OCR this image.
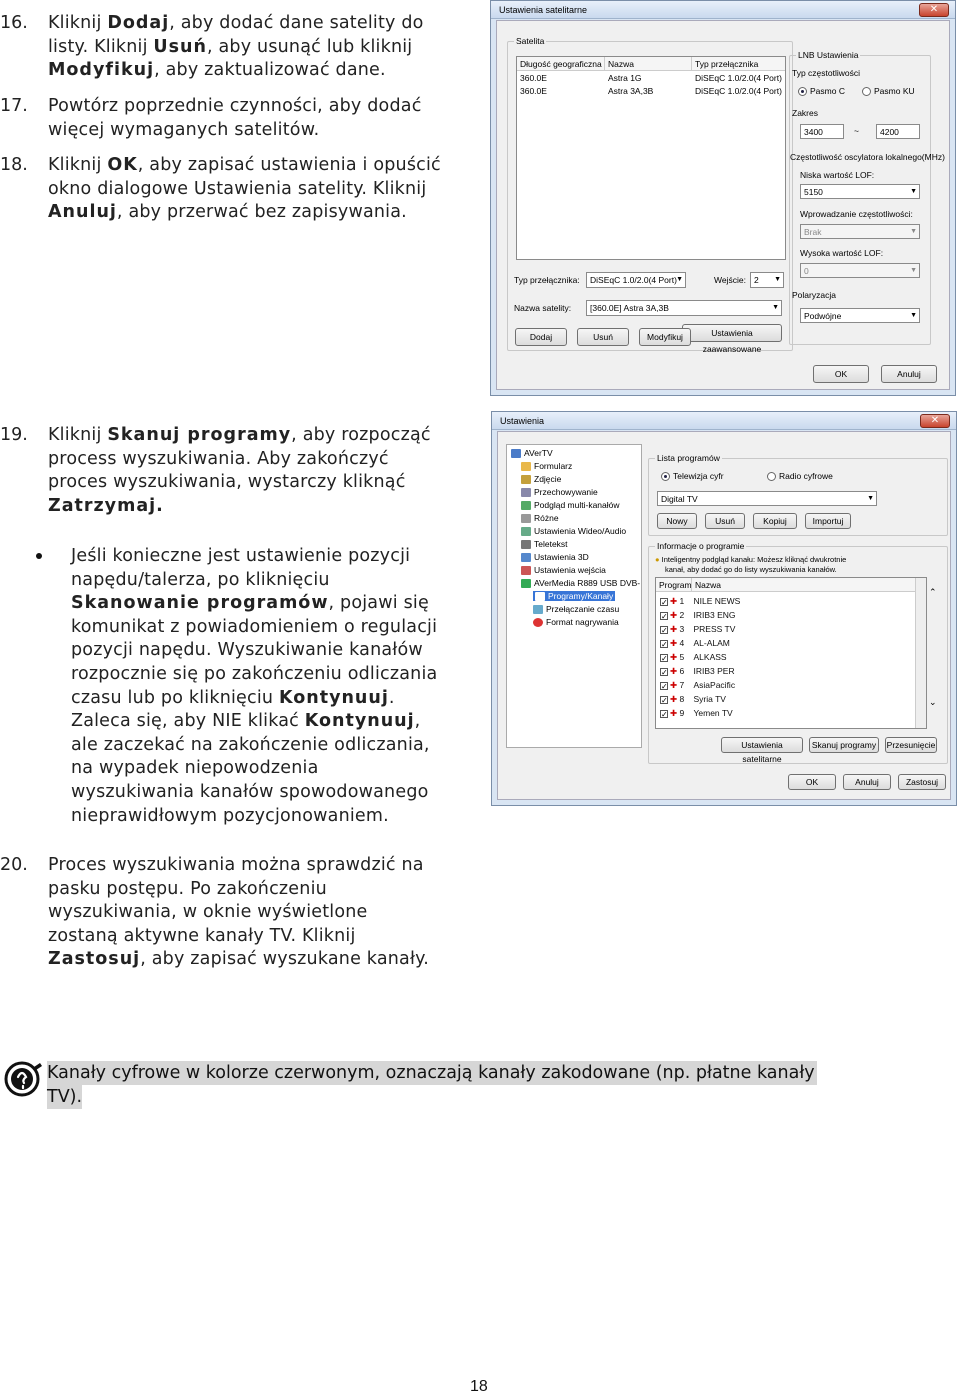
16. Kliknij Dodaj, aby dodać dane satelity do
listy. Kliknij Usuń, aby usunąć lub kliknij
Modyfikuj, aby zaktualizować dane.
17. Powtórz poprzednie czynności, aby dodać
więcej wymaganych satelitów.
18. Kliknij OK, aby zapisać ustawienia i opuścić
okno dialogowe Ustawienia satelity. Kliknij
Anuluj, aby przerwać bez zapisywania.
Ustawienia satelitarne	✕
Satelita
Długość geograficzna Nazwa	Typ przełącznika
360.0E	Astra 1G	DiSEqC 1.0/2.0(4 Port)
360.0E	Astra 3A,3B	DiSEqC 1.0/2.0(4 Port)
Typ przełącznika:	DiSEqC 1.0/2.0(4 Port) ▼	Wejście: 2 ▼
Nazwa satelity:	[360.0E] Astra 3A,3B	▼
Ustawienia zaawansowane
Dodaj	Usuń	Modyfikuj
LNB Ustawienia
Typ częstotliwości
Pasmo C	Pasmo KU
Zakres
3400	~	4200
Częstotliwość oscylatora lokalnego(MHz)
Niska wartość LOF:
5150	▼
Wprowadzanie częstotliwości:
Brak	▼
Wysoka wartość LOF:
0	▼
Polaryzacja
Podwójne	▼
OK	Anuluj
19. Kliknij Skanuj programy, aby rozpocząć
process wyszukiwania. Aby zakończyć
proces wyszukiwania, wystarczy kliknąć
Zatrzymaj.
Jeśli konieczne jest ustawienie pozycji
napędu/talerza, po kliknięciu
Skanowanie programów, pojawi się
komunikat z powiadomieniem o regulacji
pozycji napędu. Wyszukiwanie kanałów
rozpocznie się po zakończeniu odliczania
czasu lub po kliknięciu Kontynuuj.
Zaleca się, aby NIE klikać Kontynuuj,
ale zaczekać na zakończenie odliczania,
na wypadek niepowodzenia
wyszukiwania kanałów spowodowanego
nieprawidłowym pozycjonowaniem.
Ustawienia	✕
AVerTV
Formularz
Zdjęcie
Przechowywanie
Podgląd multi-kanałów
Różne
Ustawienia Wideo/Audio
Teletekst
Ustawienia 3D
Ustawienia wejścia
AVerMedia R889 USB DVB-
Programy/Kanały
Przełączanie czasu
Format nagrywania
Lista programów
Telewizja cyfr	Radio cyfrowe
Digital TV	▼
Nowy	Usuń	Kopiuj	Importuj
Informacje o programie
● Inteligentny podgląd kanału: Możesz kliknąć dwukrotnie
kanał, aby dodać go do listy wyszukiwania kanałów.
Program Nazwa
✓✚ 1 NILE NEWS
✓✚ 2 IRIB3 ENG
✓✚ 3 PRESS TV
✓✚ 4 AL-ALAM
✓✚ 5 ALKASS
✓✚ 6 IRIB3 PER
✓✚ 7 AsiaPacific
✓✚ 8 Syria TV
✓✚ 9 Yemen TV
⌃
⌄
Ustawienia satelitarne
Skanuj programy	Przesunięcie
OK	Anuluj	Zastosuj
20. Proces wyszukiwania można sprawdzić na
pasku postępu. Po zakończeniu
wyszukiwania, w oknie wyświetlone
zostaną aktywne kanały TV. Kliknij
Zastosuj, aby zapisać wyszukane kanały.
Kanały cyfrowe w kolorze czerwonym, oznaczają kanały zakodowane (np. płatne kanały
TV).
18
